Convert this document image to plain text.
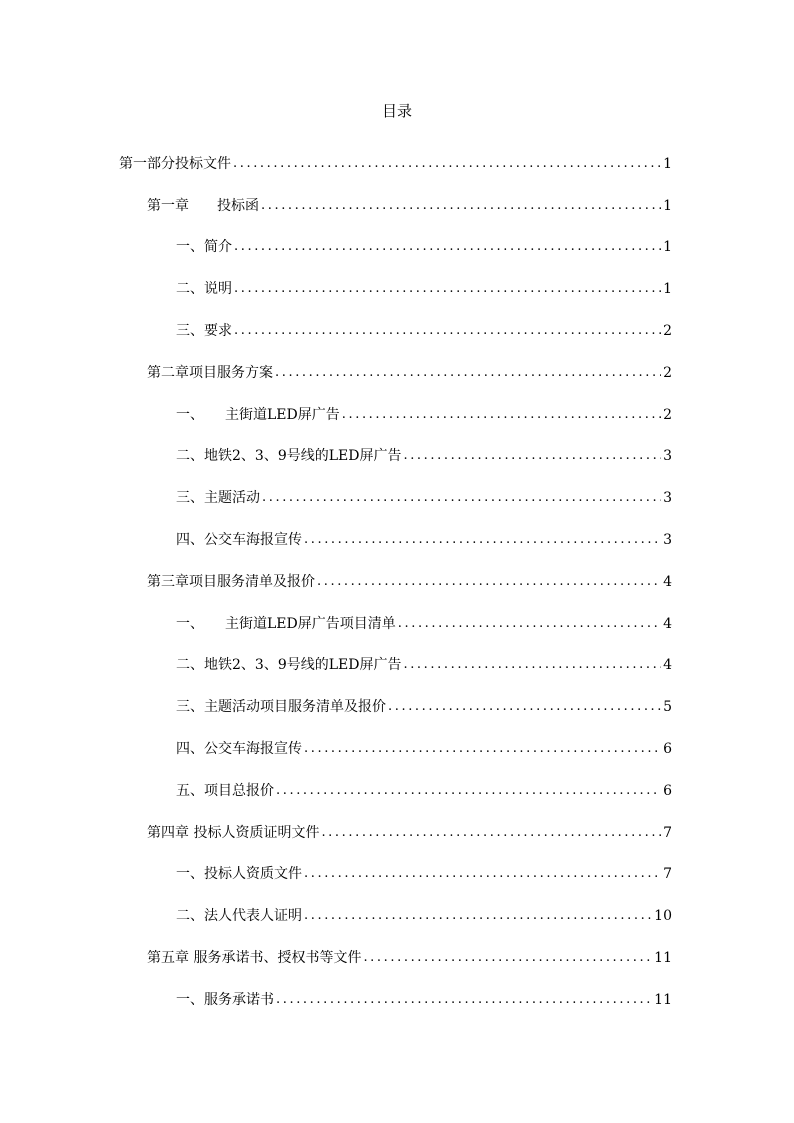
目录
第一部分投标文件 .....	1
第一章　　投标函 .....	1
一、简介 .....	1
二、说明 .....	1
三、要求 .....	2
第二章项目服务方案 .....	2
一、　　主街道LED屏广告 .....	2
二、地铁2、3、9号线的LED屏广告 .....	3
三、主题活动 .....	3
四、公交车海报宣传 .....	3
第三章项目服务清单及报价 .....	4
一、　　主街道LED屏广告项目清单 .....	4
二、地铁2、3、9号线的LED屏广告 .....	4
三、主题活动项目服务清单及报价 .....	5
四、公交车海报宣传 .....	6
五、项目总报价 .....	6
第四章 投标人资质证明文件 .....	7
一、投标人资质文件 .....	7
二、法人代表人证明 .....	10
第五章 服务承诺书、授权书等文件 .....	11
一、服务承诺书 .....	11
